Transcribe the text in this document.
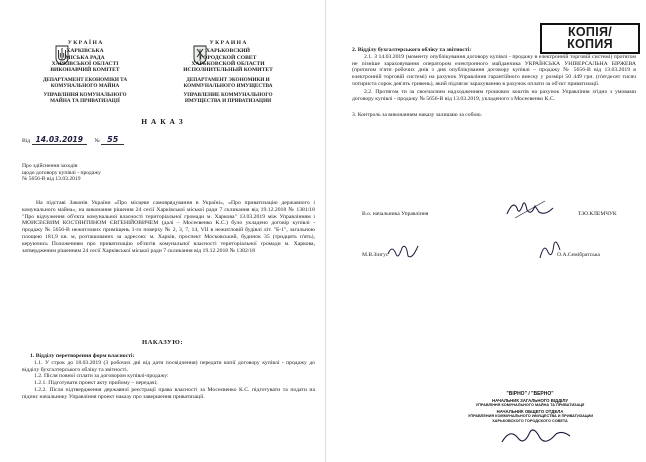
У К Р А Ї Н А
ХАРКІВСЬКА
МІСЬКА РАДА
ХАРКІВСЬКОЇ ОБЛАСТІ
ВИКОНАВЧИЙ КОМІТЕТ
ДЕПАРТАМЕНТ ЕКОНОМІКИ ТА
КОМУНАЛЬНОГО МАЙНА
УПРАВЛІННЯ КОМУНАЛЬНОГО
МАЙНА ТА ПРИВАТИЗАЦІЇ
У К Р А И Н А
ХАРЬКОВСКИЙ
ГОРОДСКОЙ СОВЕТ
ХАРЬКОВСКОЙ ОБЛАСТИ
ИСПОЛНИТЕЛЬНЫЙ КОМИТЕТ
ДЕПАРТАМЕНТ ЭКОНОМИКИ И
КОММУНАЛЬНОГО ИМУЩЕСТВА
УПРАВЛЕНИЕ КОММУНАЛЬНОГО
ИМУЩЕСТВА И ПРИВАТИЗАЦИИ
Н А К А З
Від 14.03.2019 № 55
Про здійснення заходів
щодо договору купівлі - продажу
№ 5656-В від 13.03.2019
На підставі Законів України «Про місцеве самоврядування в Україні», «Про приватизацію державного і комунального майна», на виконання рішення 24 сесії Харківської міської ради 7 скликання від 19.12.2018 № 1381/18 "Про відчуження об'єкта комунальної власності територіальної громади м. Харкова" 13.03.2019 між Управлінням і МОИСЕЄВИМ КОСТЯНТИНОМ ЄВГЕНІЙОВИЧЕМ (далі – Мосеєвенко К.С.) було укладено договір купівлі - продажу № 5656-В нежитлових приміщень 1-го поверху № 2, 3, 7, 14, VII в нежитловій будівлі літ. "Б-1", загальною площею 181,9 кв. м, розташованих за адресою: м. Харків, проспект Московський, будинок 35 (тридцять п'ять), керуючись Положенням про приватизацію об'єктів комунальної власності територіальної громади м. Харкова, затвердженим рішенням 24 сесії Харківської міської ради 7 скликання від 19.12.2018 № 1382/18
НАКАЗУЮ:
1. Відділу перетворення форм власності:
1.1. У строк до 18.03.2019 (3 робочих дні від дати посвідчення) передати копії договору купівлі - продажу до відділу бухгалтерського обліку та звітності.
1.2. Після повної сплати за договором купівлі-продажу:
1.2.1. Підготувати проект акту прийому – передачі;
1.2.2. Після підтвердження державної реєстрації права власності за Мосеєвенко К.С. підготувати та подати на підпис начальнику Управління проект наказу про завершення приватизації.
КОПІЯ/
КОПИЯ
2. Відділу бухгалтерського обліку та звітності:
2.1. З 14.03.2019 (моменту опублікування договору купівлі - продажу в електронній торговій системі) протягом не пізніше зараховування оператором електронного майданчика УКРАЇНСЬКА УНІВЕРСАЛЬНА БІРЖЕВА (протягом п'яти робочих днів з дня опублікування договору купівлі – продажу № 5656-В від 13.03.2019 в електронній торговій системі) на рахунок Управління гарантійного внеску у розмірі 50 449 грн. (п'ятдесят тисяч чотириста сорок дев'ять гривень), який підлягає зарахуванню в рахунок оплати за об'єкт приватизації.
2.2. Протягом ти за своєчасним надходженням грошових коштів на рахунок Управління згідно з умовами договору купівлі - продажу № 5656-В від 13.03.2019, укладеного з Мосеєвенко К.С.
3. Контроль за виконанням наказу залишаю за собою.
В.о. начальника Управління	Т.Ю.КЛЕМЧУК
М.В.Зінгус	О.А.Семібратська
"ВІРНО" / "ВЕРНО"
НАЧАЛЬНИК ЗАГАЛЬНОГО ВІДДІЛУ
УПРАВЛІННЯ КОМУНАЛЬНОГО МАЙНА ТА ПРИВАТИЗАЦІЇ
НАЧАЛЬНИК ОБЩЕГО ОТДЕЛА
УПРАВЛЕНИЯ КОММУНАЛЬНОГО ИМУЩЕСТВА И ПРИВАТИЗАЦИИ
ХАРЬКОВСКОГО ГОРОДСКОГО СОВЕТА
